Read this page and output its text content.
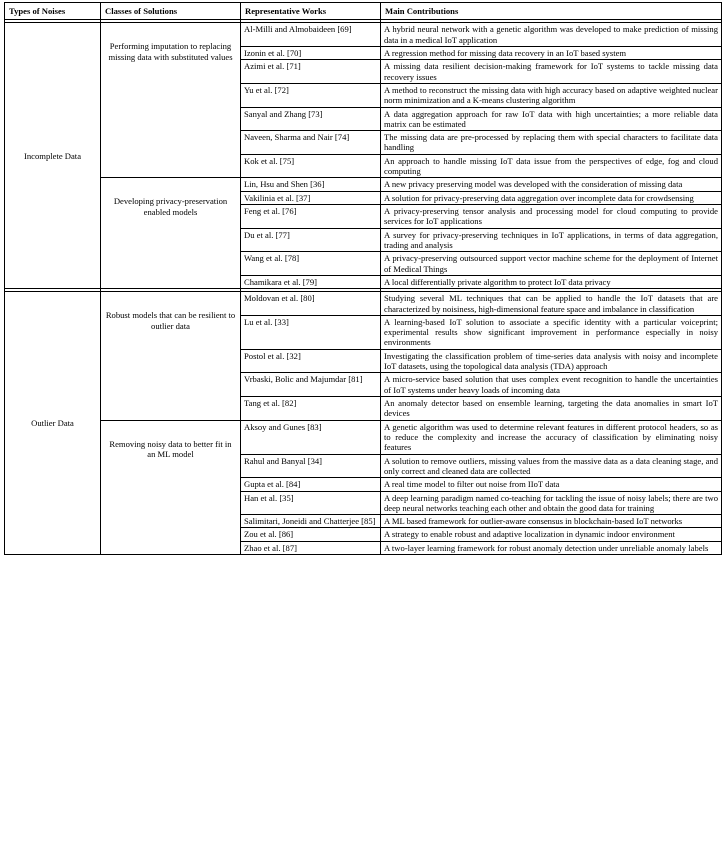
Types of Noises	Classes of Solutions	Representative Works	Main Contributions

Incomplete Data	Performing imputation to replacing missing data with substituted values	Al-Milli and Almobaideen [69]	A hybrid neural network with a genetic algorithm was developed to make prediction of missing data in a medical IoT application
		Izonin et al. [70]	A regression method for missing data recovery in an IoT based system
		Azimi et al. [71]	A missing data resilient decision-making framework for IoT systems to tackle missing data recovery issues
		Yu et al. [72]	A method to reconstruct the missing data with high accuracy based on adaptive weighted nuclear norm minimization and a K-means clustering algorithm
		Sanyal and Zhang [73]	A data aggregation approach for raw IoT data with high uncertainties; a more reliable data matrix can be estimated
		Naveen, Sharma and Nair [74]	The missing data are pre-processed by replacing them with special characters to facilitate data handling
		Kok et al. [75]	An approach to handle missing IoT data issue from the perspectives of edge, fog and cloud computing
	Developing privacy-preservation enabled models	Lin, Hsu and Shen [36]	A new privacy preserving model was developed with the consideration of missing data
		Vakilinia et al. [37]	A solution for privacy-preserving data aggregation over incomplete data for crowdsensing
		Feng et al. [76]	A privacy-preserving tensor analysis and processing model for cloud computing to provide services for IoT applications
		Du et al. [77]	A survey for privacy-preserving techniques in IoT applications, in terms of data aggregation, trading and analysis
		Wang et al. [78]	A privacy-preserving outsourced support vector machine scheme for the deployment of Internet of Medical Things
		Chamikara et al. [79]	A local differentially private algorithm to protect IoT data privacy

Outlier Data	Robust models that can be resilient to outlier data	Moldovan et al. [80]	Studying several ML techniques that can be applied to handle the IoT datasets that are characterized by noisiness, high-dimensional feature space and imbalance in classification
		Lu et al. [33]	A learning-based IoT solution to associate a specific identity with a particular voiceprint; experimental results show significant improvement in performance especially in noisy environments
		Postol et al. [32]	Investigating the classification problem of time-series data analysis with noisy and incomplete IoT datasets, using the topological data analysis (TDA) approach
		Vrbaski, Bolic and Majumdar [81]	A micro-service based solution that uses complex event recognition to handle the uncertainties of IoT systems under heavy loads of incoming data
		Tang et al. [82]	An anomaly detector based on ensemble learning, targeting the data anomalies in smart IoT devices
	Removing noisy data to better fit in an ML model	Aksoy and Gunes [83]	A genetic algorithm was used to determine relevant features in different protocol headers, so as to reduce the complexity and increase the accuracy of classification by eliminating noisy features
		Rahul and Banyal [34]	A solution to remove outliers, missing values from the massive data as a data cleaning stage, and only correct and cleaned data are collected
		Gupta et al. [84]	A real time model to filter out noise from IIoT data
		Han et al. [35]	A deep learning paradigm named co-teaching for tackling the issue of noisy labels; there are two deep neural networks teaching each other and obtain the good data for training
		Salimitari, Joneidi and Chatterjee [85]	A ML based framework for outlier-aware consensus in blockchain-based IoT networks
		Zou et al. [86]	A strategy to enable robust and adaptive localization in dynamic indoor environment
		Zhao et al. [87]	A two-layer learning framework for robust anomaly detection under unreliable anomaly labels
